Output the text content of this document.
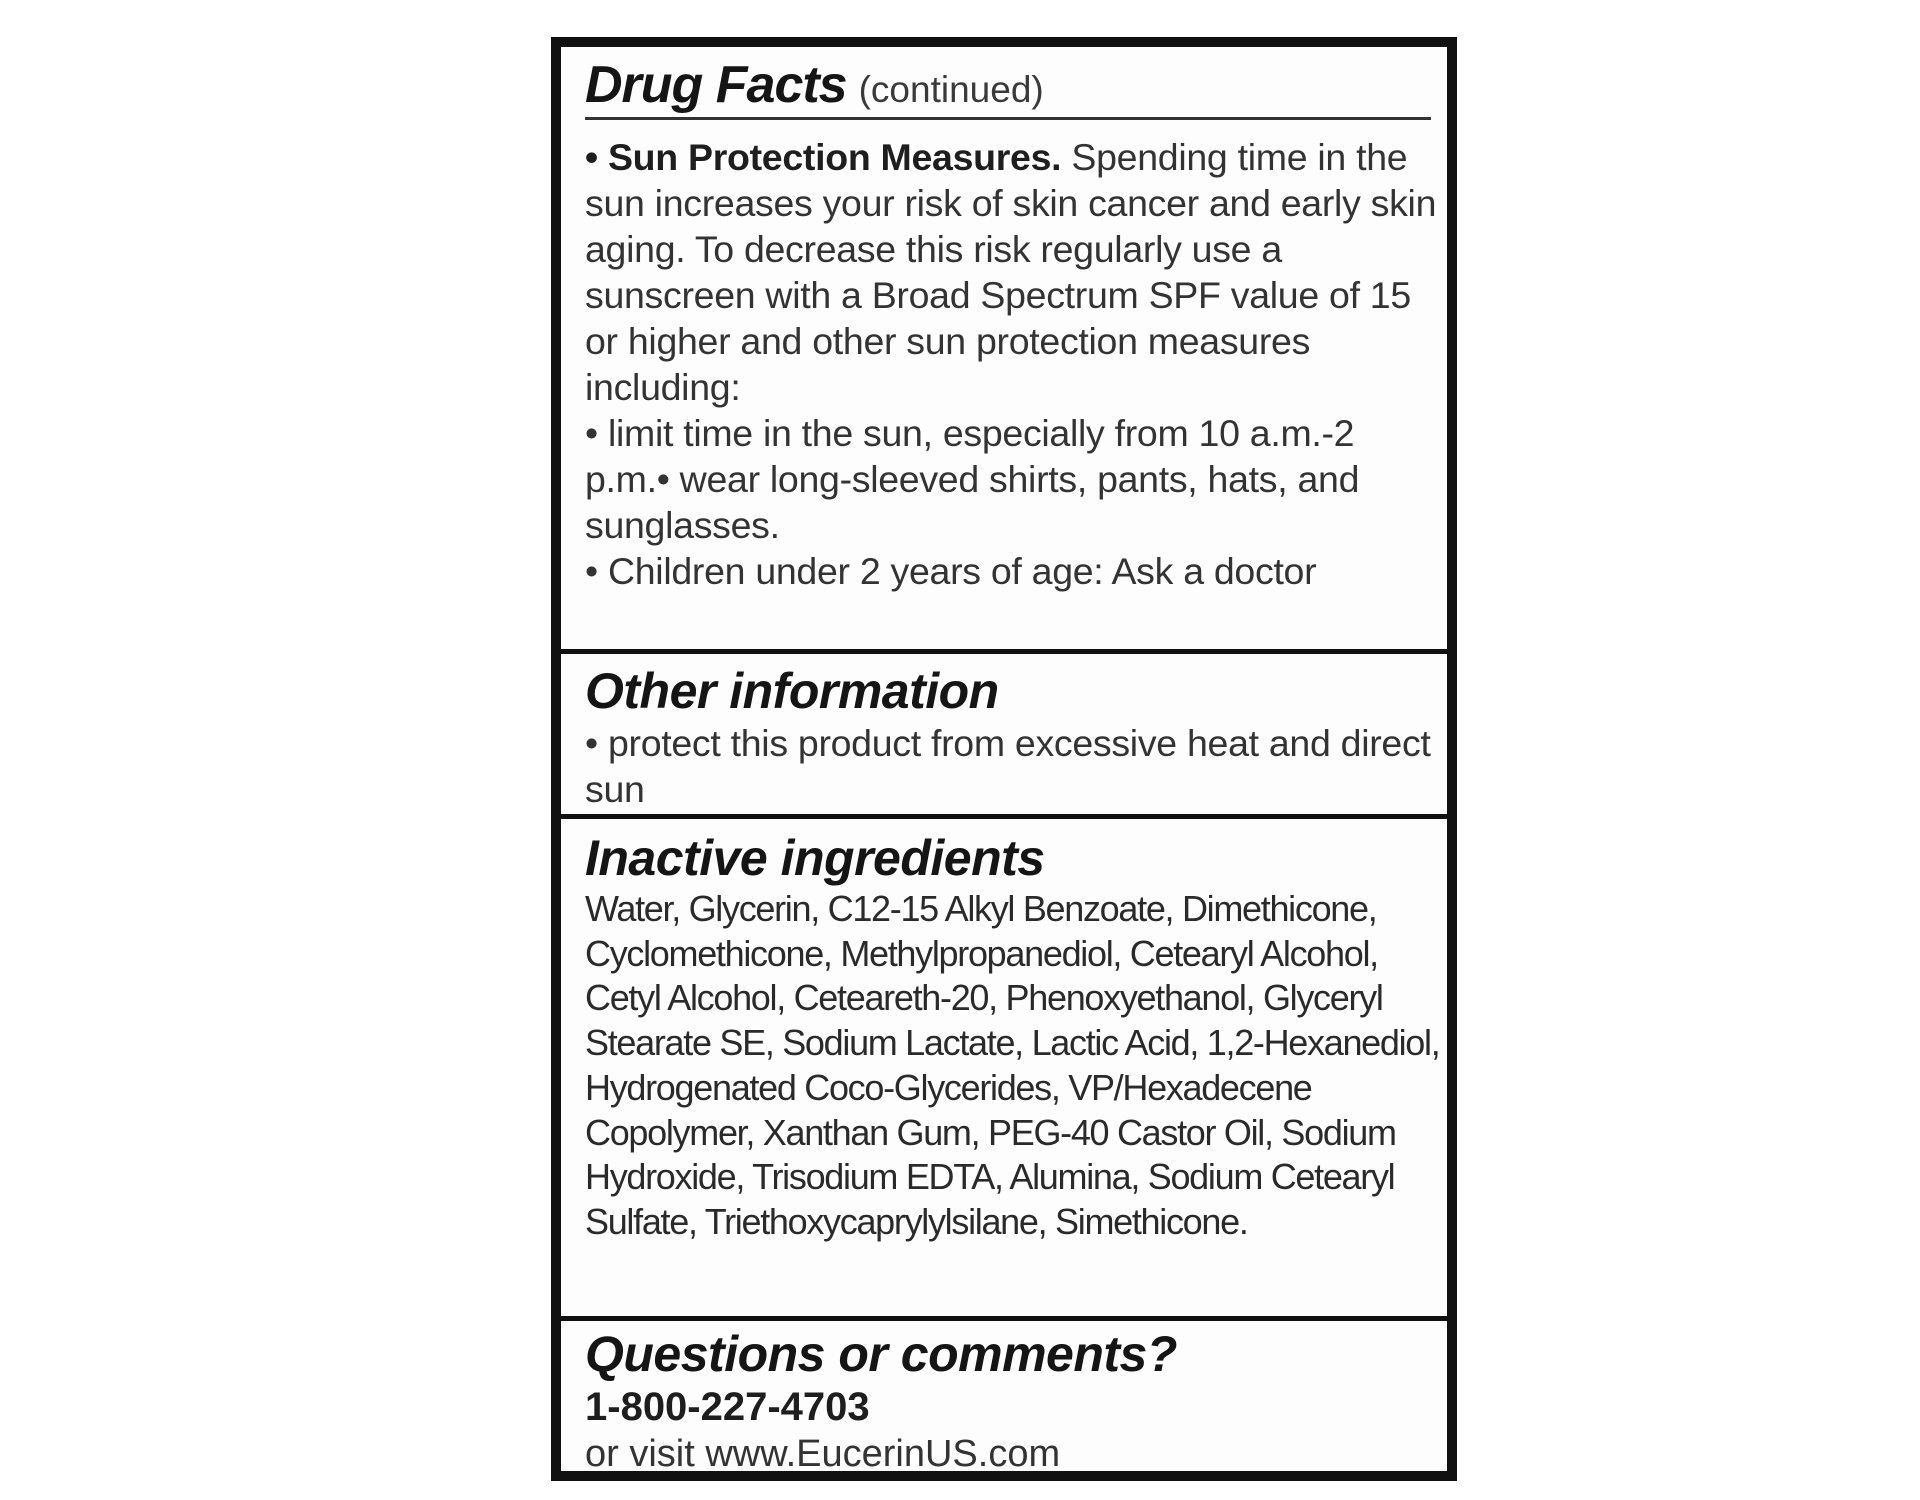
Drug Facts (continued)

• Sun Protection Measures. Spending time in the sun increases your risk of skin cancer and early skin aging. To decrease this risk regularly use a sunscreen with a Broad Spectrum SPF value of 15 or higher and other sun protection measures including:

• limit time in the sun, especially from 10 a.m.-2 p.m.• wear long-sleeved shirts, pants, hats, and sunglasses.

• Children under 2 years of age: Ask a doctor

Other information

• protect this product from excessive heat and direct sun

Inactive ingredients

Water, Glycerin, C12-15 Alkyl Benzoate, Dimethicone, Cyclomethicone, Methylpropanediol, Cetearyl Alcohol, Cetyl Alcohol, Ceteareth-20, Phenoxyethanol, Glyceryl Stearate SE, Sodium Lactate, Lactic Acid, 1,2-Hexanediol, Hydrogenated Coco-Glycerides, VP/Hexadecene Copolymer, Xanthan Gum, PEG-40 Castor Oil, Sodium Hydroxide, Trisodium EDTA, Alumina, Sodium Cetearyl Sulfate, Triethoxycaprylylsilane, Simethicone.

Questions or comments?
1-800-227-4703
or visit www.EucerinUS.com
